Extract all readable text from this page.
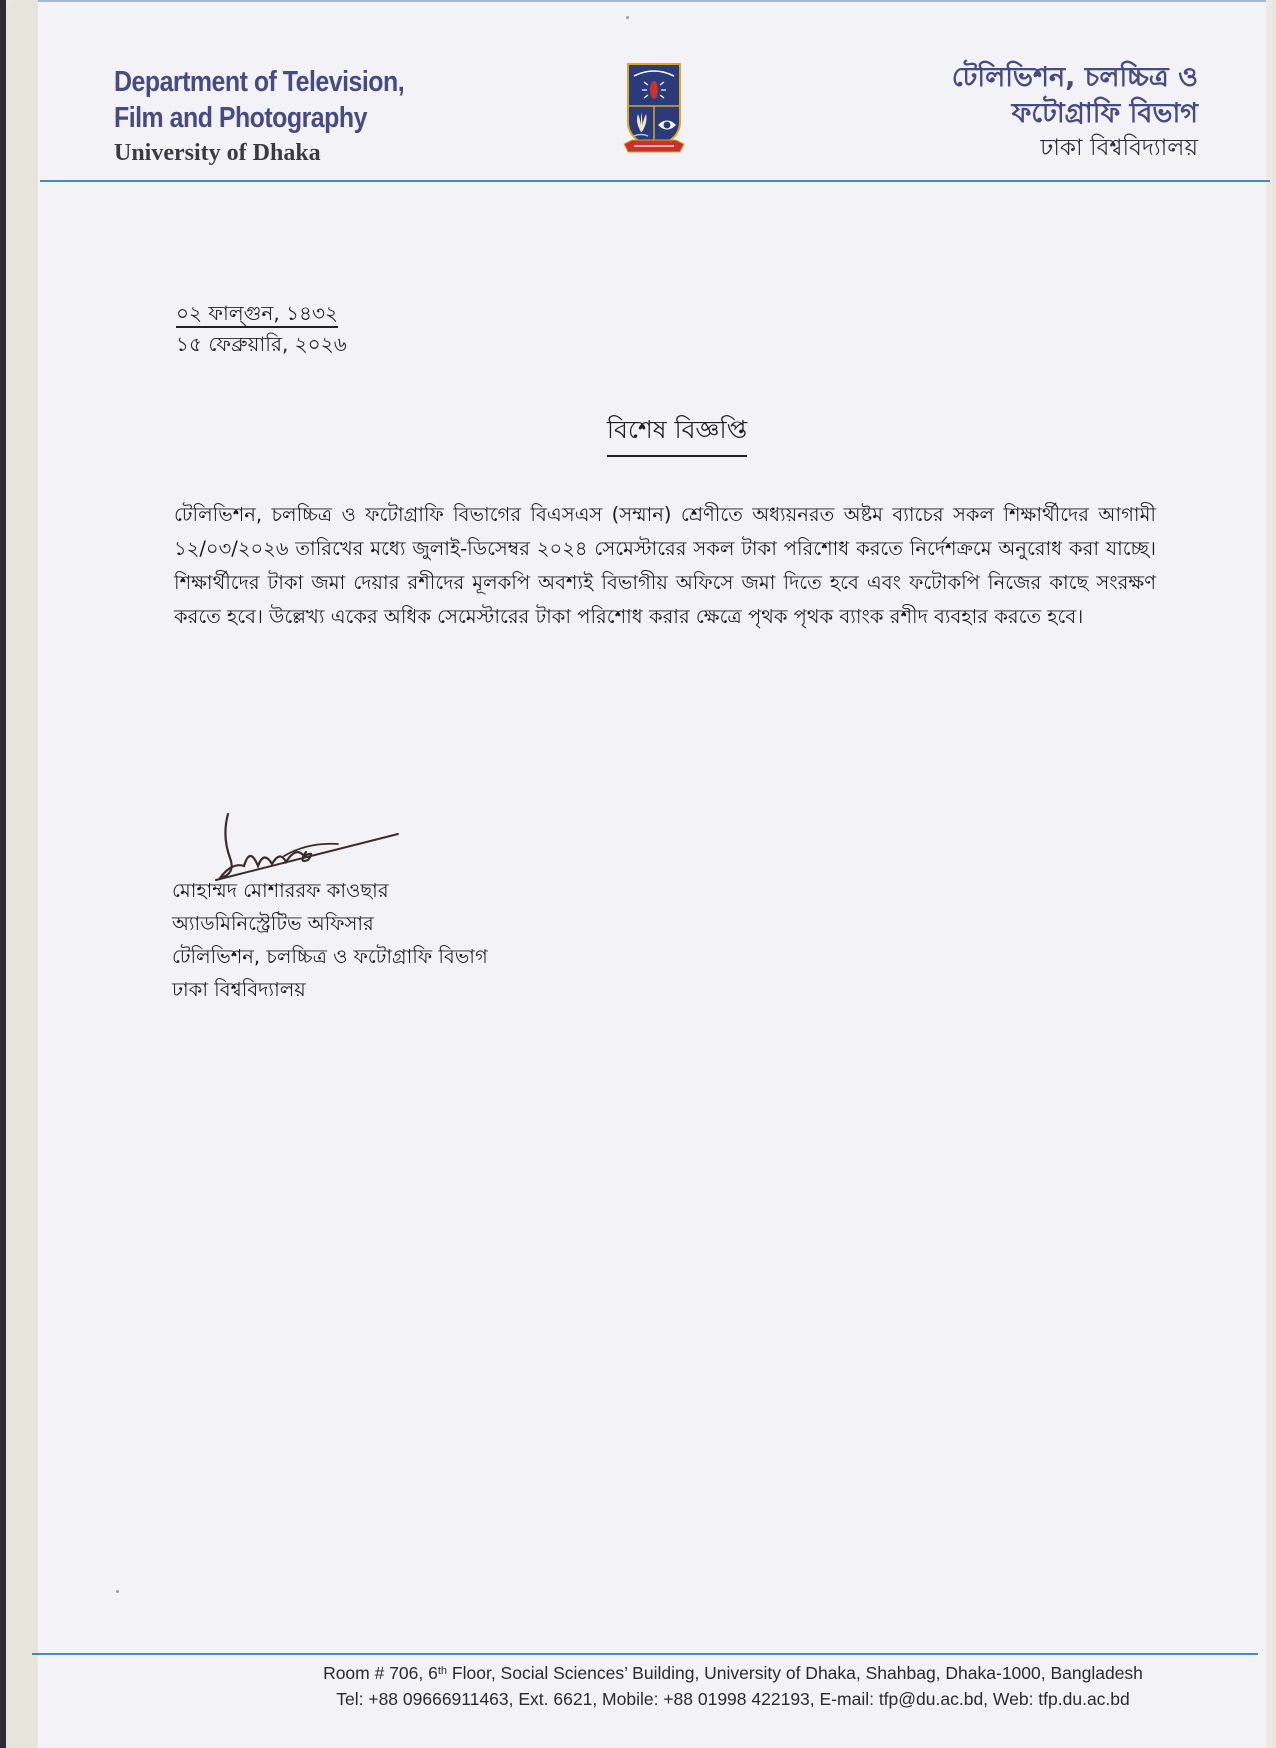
Department of Television,
Film and Photography
University of Dhaka
টেলিভিশন, চলচ্চিত্র ও
ফটোগ্রাফি বিভাগ
ঢাকা বিশ্ববিদ্যালয়
০২ ফাল্গুন, ১৪৩২
১৫ ফেব্রুয়ারি, ২০২৬
বিশেষ বিজ্ঞপ্তি
টেলিভিশন, চলচ্চিত্র ও ফটোগ্রাফি বিভাগের বিএসএস (সম্মান) শ্রেণীতে অধ্যয়নরত অষ্টম ব্যাচের সকল শিক্ষার্থীদের আগামী ১২/০৩/২০২৬ তারিখের মধ্যে জুলাই-ডিসেম্বর ২০২৪ সেমেস্টারের সকল টাকা পরিশোধ করতে নির্দেশক্রমে অনুরোধ করা যাচ্ছে। শিক্ষার্থীদের টাকা জমা দেয়ার রশীদের মূলকপি অবশ্যই বিভাগীয় অফিসে জমা দিতে হবে এবং ফটোকপি নিজের কাছে সংরক্ষণ করতে হবে। উল্লেখ্য একের অধিক সেমেস্টারের টাকা পরিশোধ করার ক্ষেত্রে পৃথক পৃথক ব্যাংক রশীদ ব্যবহার করতে হবে।
মোহাম্মদ মোশাররফ কাওছার
অ্যাডমিনিস্ট্রেটিভ অফিসার
টেলিভিশন, চলচ্চিত্র ও ফটোগ্রাফি বিভাগ
ঢাকা বিশ্ববিদ্যালয়
Room # 706, 6th Floor, Social Sciences’ Building, University of Dhaka, Shahbag, Dhaka-1000, Bangladesh
Tel: +88 09666911463, Ext. 6621, Mobile: +88 01998 422193, E-mail: tfp@du.ac.bd, Web: tfp.du.ac.bd
